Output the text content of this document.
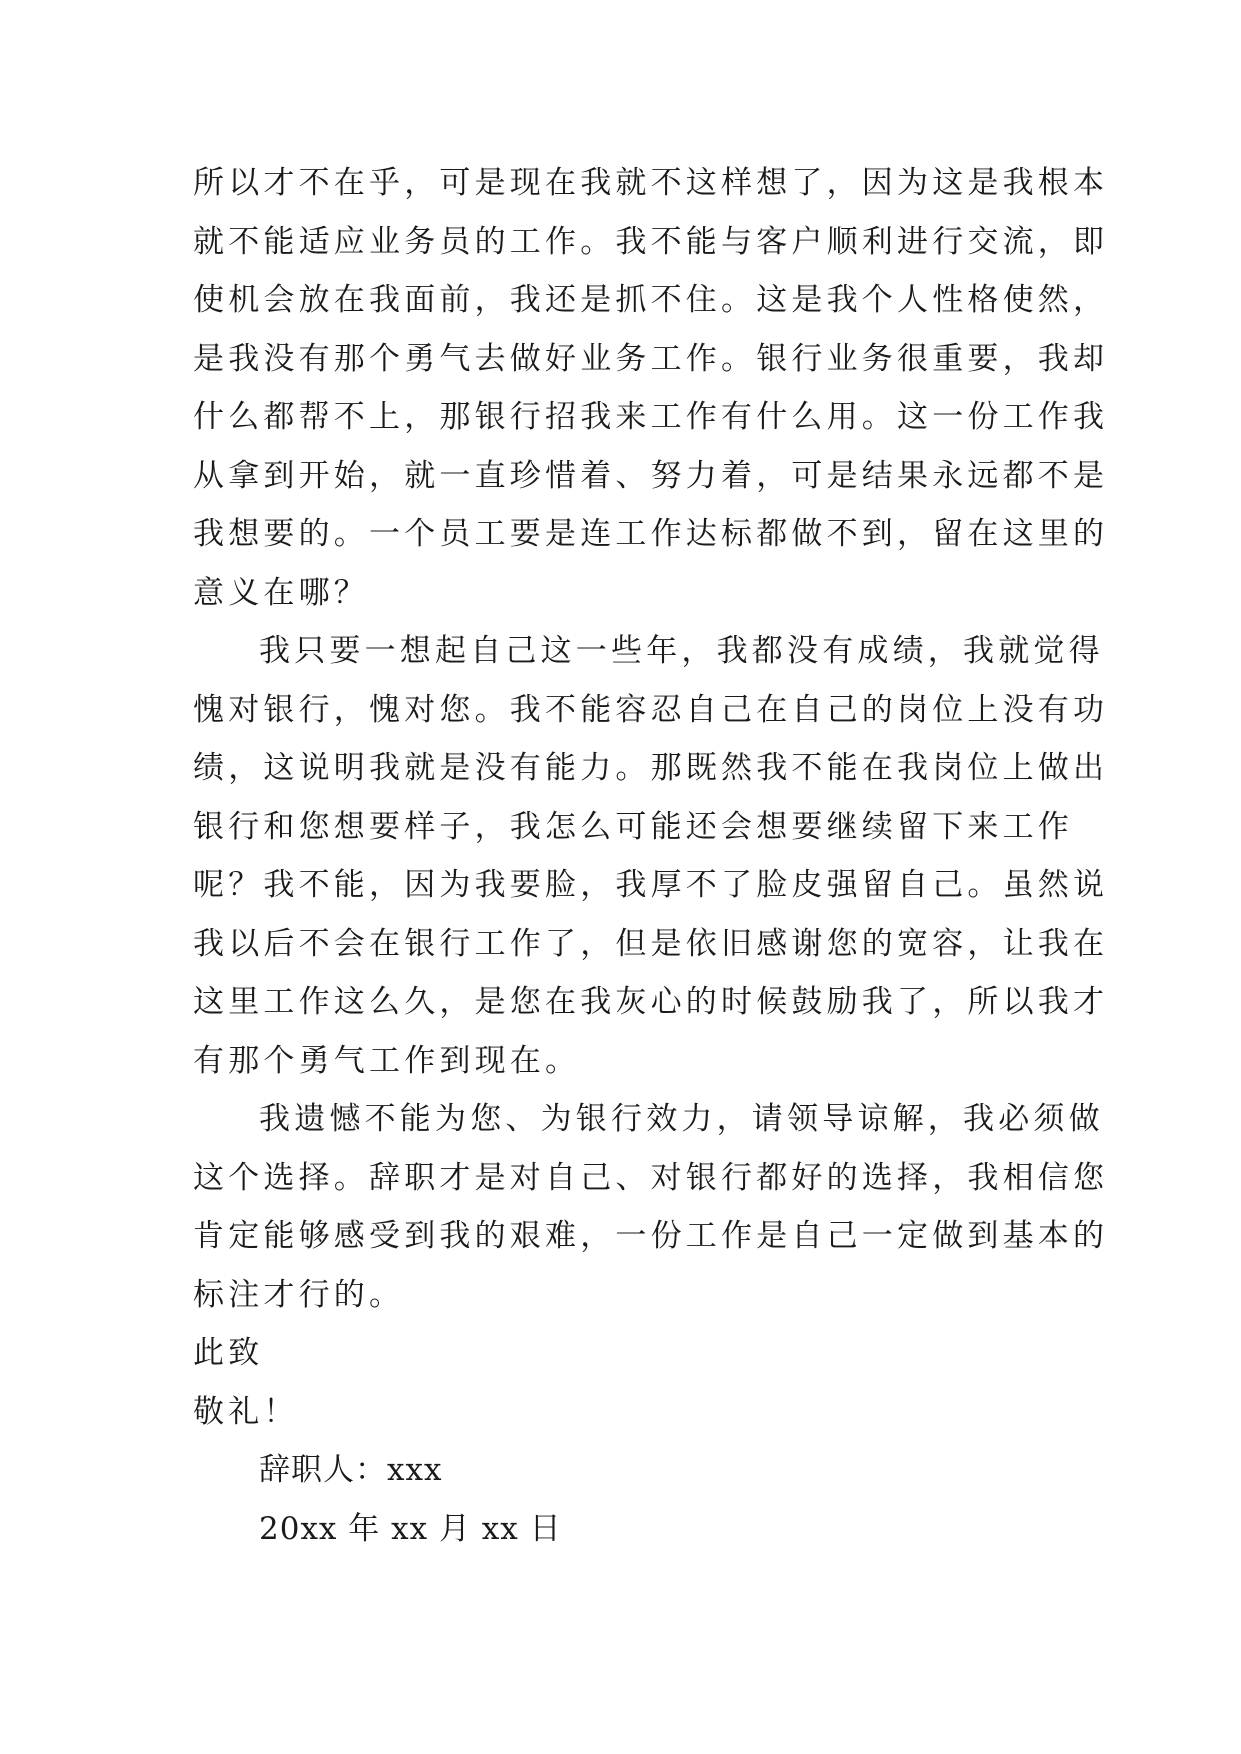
所以才不在乎，可是现在我就不这样想了，因为这是我根本
就不能适应业务员的工作。我不能与客户顺利进行交流，即
使机会放在我面前，我还是抓不住。这是我个人性格使然，
是我没有那个勇气去做好业务工作。银行业务很重要，我却
什么都帮不上，那银行招我来工作有什么用。这一份工作我
从拿到开始，就一直珍惜着、努力着，可是结果永远都不是
我想要的。一个员工要是连工作达标都做不到，留在这里的
意义在哪？
我只要一想起自己这一些年，我都没有成绩，我就觉得
愧对银行，愧对您。我不能容忍自己在自己的岗位上没有功
绩，这说明我就是没有能力。那既然我不能在我岗位上做出
银行和您想要样子，我怎么可能还会想要继续留下来工作
呢？我不能，因为我要脸，我厚不了脸皮强留自己。虽然说
我以后不会在银行工作了，但是依旧感谢您的宽容，让我在
这里工作这么久，是您在我灰心的时候鼓励我了，所以我才
有那个勇气工作到现在。
我遗憾不能为您、为银行效力，请领导谅解，我必须做
这个选择。辞职才是对自己、对银行都好的选择，我相信您
肯定能够感受到我的艰难，一份工作是自己一定做到基本的
标注才行的。
此致
敬礼！
辞职人：xxx
20xx 年 xx 月 xx 日
